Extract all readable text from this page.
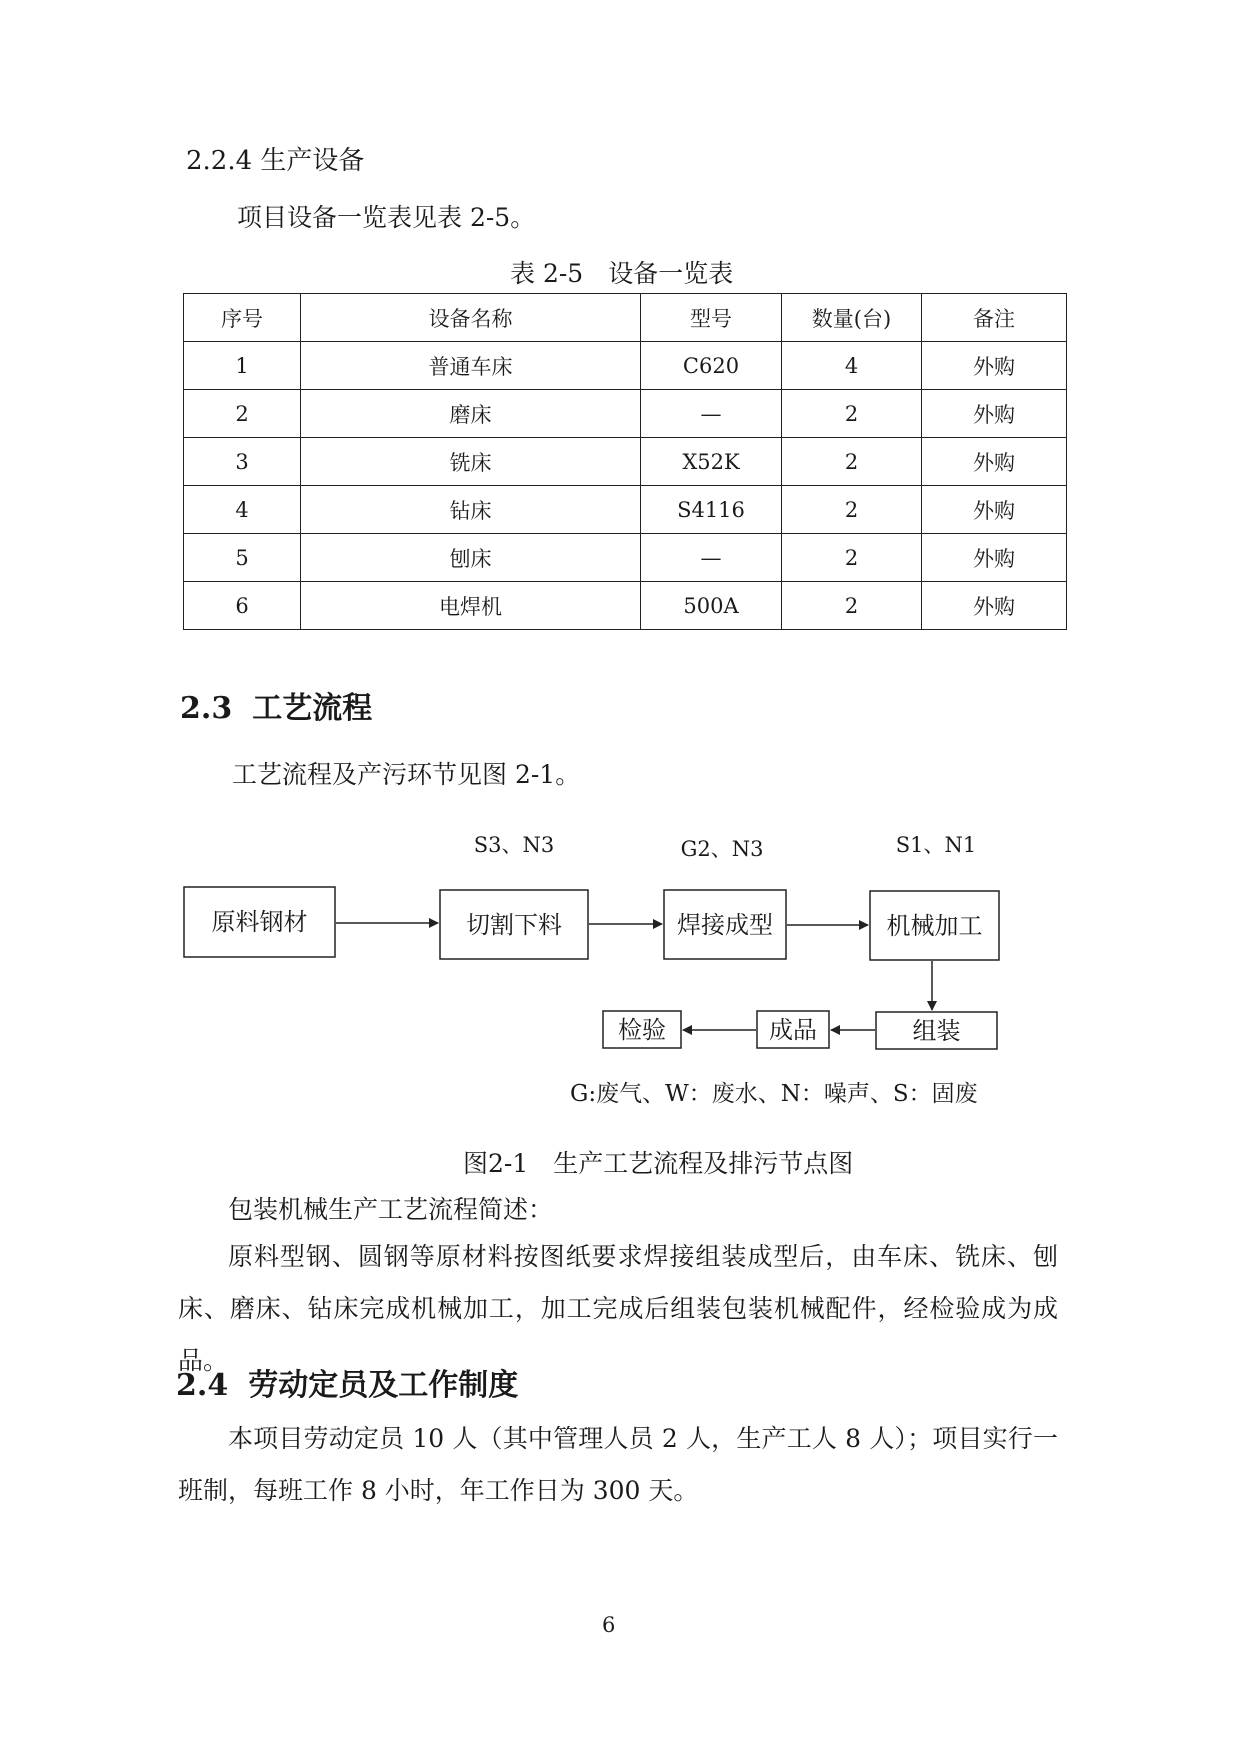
2.2.4 生产设备
项目设备一览表见表 2-5。
表 2-5　设备一览表
序号	设备名称	型号	数量(台)	备注
1	普通车床	C620	4	外购
2	磨床	—	2	外购
3	铣床	X52K	2	外购
4	钻床	S4116	2	外购
5	刨床	—	2	外购
6	电焊机	500A	2	外购
2.3 工艺流程
工艺流程及产污环节见图 2-1。
S3、N3	G2、N3	S1、N1
原料钢材	切割下料	焊接成型	机械加工
组装
成品
检验
G:废气、W：废水、N：噪声、S：固废
图2-1　生产工艺流程及排污节点图
包装机械生产工艺流程简述：

原料型钢、圆钢等原材料按图纸要求焊接组装成型后，由车床、铣床、刨床、磨床、钻床完成机械加工，加工完成后组装包装机械配件，经检验成为成品。

2.4 劳动定员及工作制度

本项目劳动定员 10 人（其中管理人员 2 人，生产工人 8 人）；项目实行一班制，每班工作 8 小时，年工作日为 300 天。

6
